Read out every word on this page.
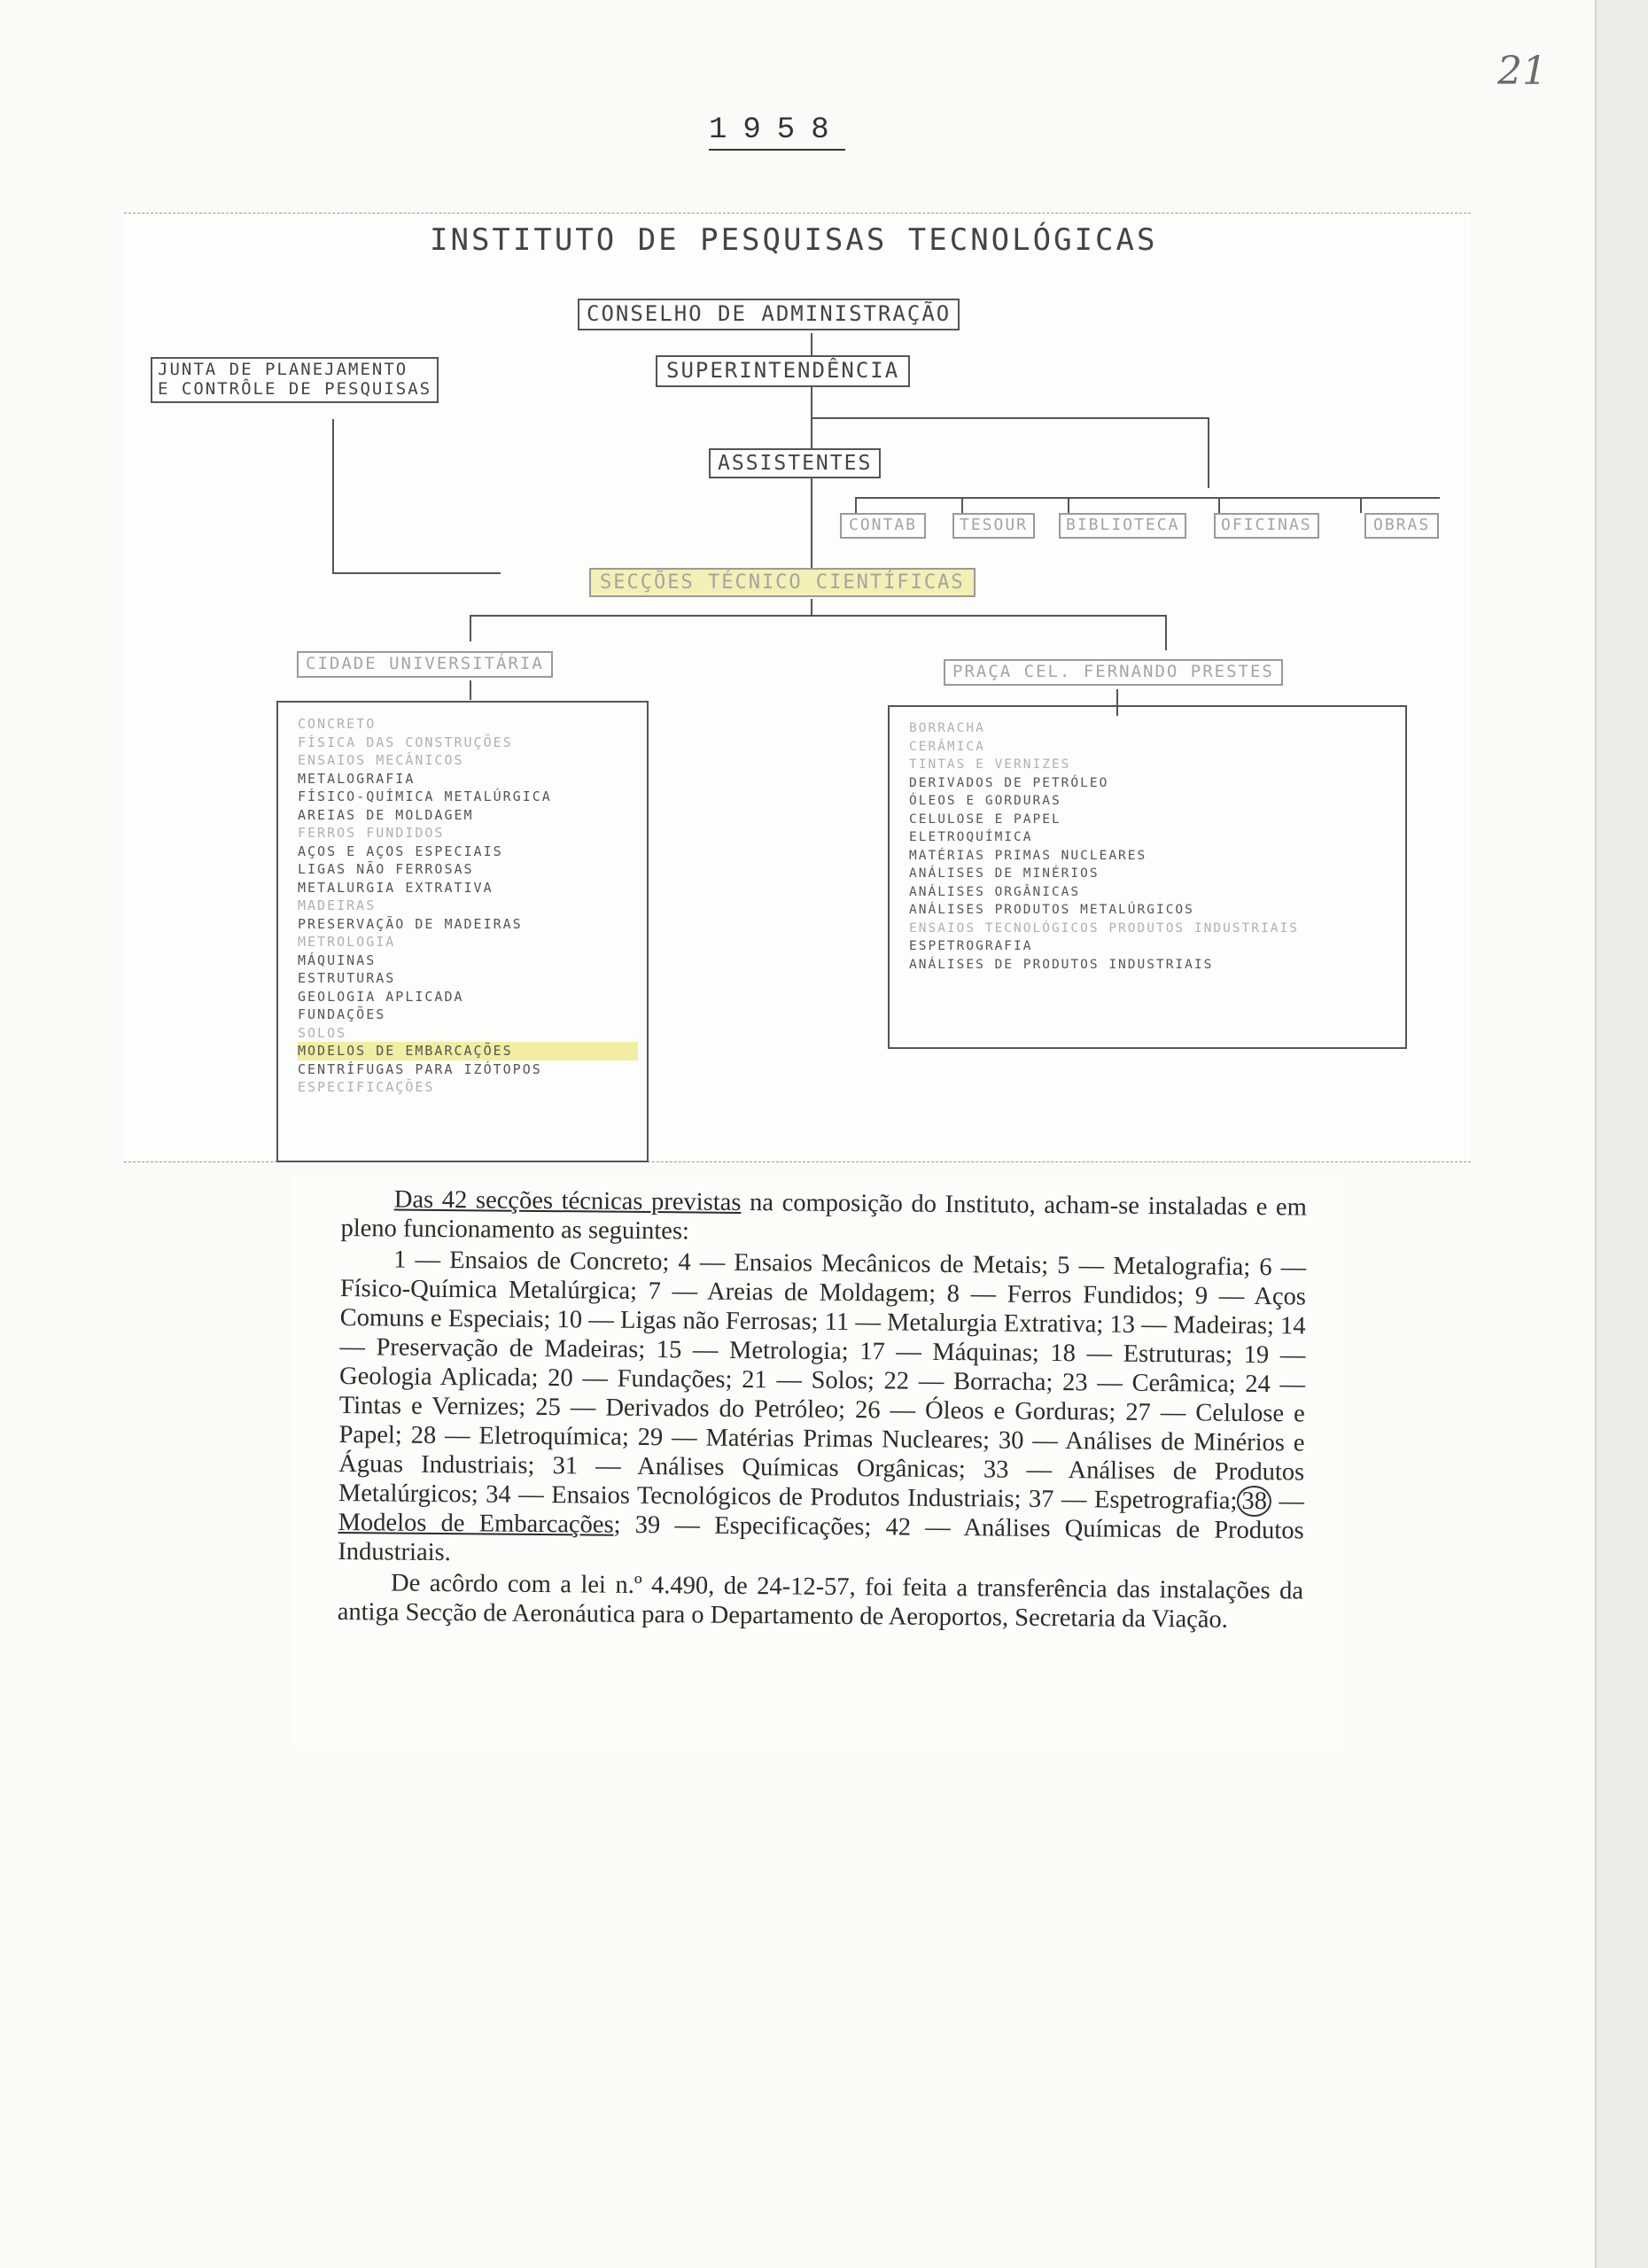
21
1958
INSTITUTO DE PESQUISAS TECNOLÓGICAS
CONSELHO DE ADMINISTRAÇÃO
JUNTA DE PLANEJAMENTO
E CONTRÔLE DE PESQUISAS
SUPERINTENDÊNCIA
ASSISTENTES
CONTAB	TESOUR	BIBLIOTECA	OFICINAS	OBRAS
SECÇÕES TÉCNICO CIENTÍFICAS
CIDADE UNIVERSITÁRIA	PRAÇA CEL. FERNANDO PRESTES
CONCRETO
FÍSICA DAS CONSTRUÇÕES
ENSAIOS MECÂNICOS
METALOGRAFIA
FÍSICO-QUÍMICA METALÚRGICA
AREIAS DE MOLDAGEM
FERROS FUNDIDOS
AÇOS E AÇOS ESPECIAIS
LIGAS NÃO FERROSAS
METALURGIA EXTRATIVA
MADEIRAS
PRESERVAÇÃO DE MADEIRAS
METROLOGIA
MÁQUINAS
ESTRUTURAS
GEOLOGIA APLICADA
FUNDAÇÕES
SOLOS
MODELOS DE EMBARCAÇÕES
CENTRÍFUGAS PARA IZÓTOPOS
ESPECIFICAÇÕES
BORRACHA
CERÂMICA
TINTAS E VERNIZES
DERIVADOS DE PETRÓLEO
ÓLEOS E GORDURAS
CELULOSE E PAPEL
ELETROQUÍMICA
MATÉRIAS PRIMAS NUCLEARES
ANÁLISES DE MINÉRIOS
ANÁLISES ORGÂNICAS
ANÁLISES PRODUTOS METALÚRGICOS
ENSAIOS TECNOLÓGICOS PRODUTOS INDUSTRIAIS
ESPETROGRAFIA
ANÁLISES DE PRODUTOS INDUSTRIAIS

Das 42 secções técnicas previstas na composição do Instituto, acham-se instaladas e em pleno funcionamento as seguintes:

1 — Ensaios de Concreto; 4 — Ensaios Mecânicos de Metais; 5 — Metalografia; 6 — Físico-Química Metalúrgica; 7 — Areias de Moldagem; 8 — Ferros Fundidos; 9 — Aços Comuns e Especiais; 10 — Ligas não Ferrosas; 11 — Metalurgia Extrativa; 13 — Madeiras; 14 — Preservação de Madeiras; 15 — Metrologia; 17 — Máquinas; 18 — Estruturas; 19 — Geologia Aplicada; 20 — Fundações; 21 — Solos; 22 — Borracha; 23 — Cerâmica; 24 — Tintas e Vernizes; 25 — Derivados do Petróleo; 26 — Óleos e Gorduras; 27 — Celulose e Papel; 28 — Eletroquímica; 29 — Matérias Primas Nucleares; 30 — Análises de Minérios e Águas Industriais; 31 — Análises Químicas Orgânicas; 33 — Análises de Produtos Metalúrgicos; 34 — Ensaios Tecnológicos de Produtos Industriais; 37 — Espetrografia; 38 — Modelos de Embarcações; 39 — Especificações; 42 — Análises Químicas de Produtos Industriais.

De acôrdo com a lei n.º 4.490, de 24-12-57, foi feita a transferência das instalações da antiga Secção de Aeronáutica para o Departamento de Aeroportos, Secretaria da Viação.
